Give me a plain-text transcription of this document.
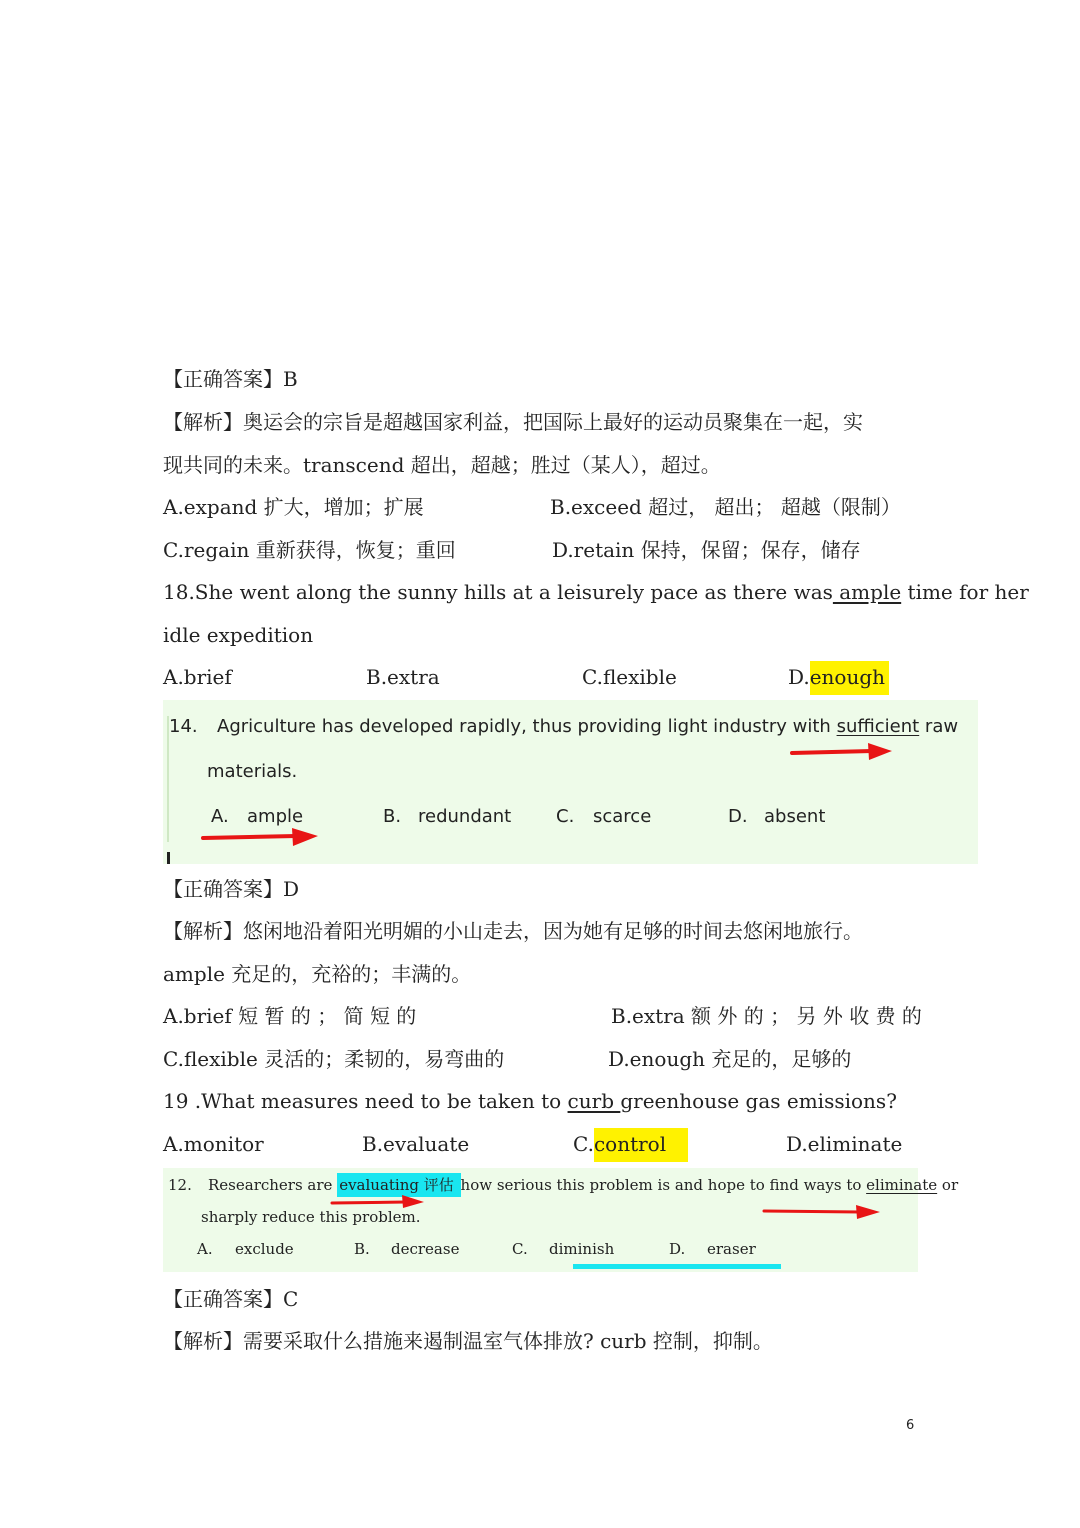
【正确答案】B
【解析】奥运会的宗旨是超越国家利益，把国际上最好的运动员聚集在一起，实
现共同的未来。transcend 超出，超越；胜过（某人），超过。
A.expand 扩大，增加；扩展	B.exceed 超过， 超出； 超越（限制）
C.regain 重新获得，恢复；重回	D.retain 保持，保留；保存，储存
18.She went along the sunny hills at a leisurely pace as there was ample time for her
idle expedition
A.brief	B.extra	C.flexible	D.enough
14. Agriculture has developed rapidly, thus providing light industry with sufficient raw
materials.
A. ample	B. redundant C. scarce	D. absent
【正确答案】D
【解析】悠闲地沿着阳光明媚的小山走去，因为她有足够的时间去悠闲地旅行。
ample 充足的，充裕的；丰满的。
A.brief 短 暂 的 ； 简 短 的	B.extra 额 外 的 ； 另 外 收 费 的
C.flexible 灵活的；柔韧的，易弯曲的	D.enough 充足的，足够的
19 .What measures need to be taken to curb greenhouse gas emissions?
A.monitor	B.evaluate	C.control	D.eliminate
12. Researchers are evaluating 评估 how serious this problem is and hope to find ways to eliminate or
sharply reduce this problem.
A. exclude	B. decrease	C. diminish	D. eraser
【正确答案】C
【解析】需要采取什么措施来遏制温室气体排放? curb 控制，抑制。
6
